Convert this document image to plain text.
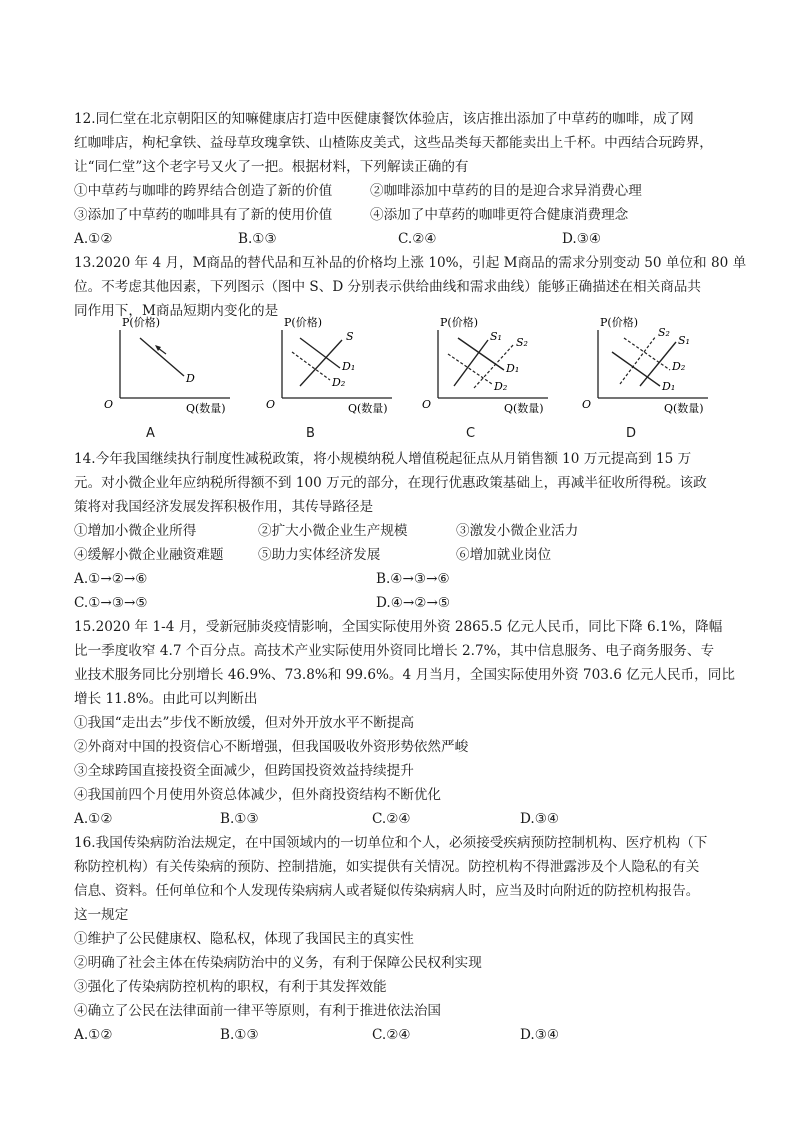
12.同仁堂在北京朝阳区的知嘛健康店打造中医健康餐饮体验店，该店推出添加了中草药的咖啡，成了网
红咖啡店，枸杞拿铁、益母草玫瑰拿铁、山楂陈皮美式，这些品类每天都能卖出上千杯。中西结合玩跨界，
让“同仁堂”这个老字号又火了一把。根据材料，下列解读正确的有
①中草药与咖啡的跨界结合创造了新的价值	②咖啡添加中草药的目的是迎合求异消费心理
③添加了中草药的咖啡具有了新的使用价值	④添加了中草药的咖啡更符合健康消费理念
A.①②	B.①③	C.②④	D.③④
13.2020 年 4 月，M商品的替代品和互补品的价格均上涨 10%，引起 M商品的需求分别变动 50 单位和 80 单
位。不考虑其他因素，下列图示（图中 S、D 分别表示供给曲线和需求曲线）能够正确描述在相关商品共
同作用下，M商品短期内变化的是
P(价格)
O	Q(数量)
D
P(价格)
O	Q(数量)
S
D₁
D₂
P(价格)
O	Q(数量)
S₁ S₂
D₁
D₂
P(价格)
O	Q(数量)
S₂
S₁
D₂
D₁
A	B	C	D
14.今年我国继续执行制度性减税政策，将小规模纳税人增值税起征点从月销售额 10 万元提高到 15 万
元。对小微企业年应纳税所得额不到 100 万元的部分，在现行优惠政策基础上，再减半征收所得税。该政
策将对我国经济发展发挥积极作用，其传导路径是
①增加小微企业所得	②扩大小微企业生产规模	③激发小微企业活力
④缓解小微企业融资难题	⑤助力实体经济发展	⑥增加就业岗位
A.①→②→⑥	B.④→③→⑥
C.①→③→⑤	D.④→②→⑤
15.2020 年 1-4 月，受新冠肺炎疫情影响，全国实际使用外资 2865.5 亿元人民币，同比下降 6.1%，降幅
比一季度收窄 4.7 个百分点。高技术产业实际使用外资同比增长 2.7%，其中信息服务、电子商务服务、专
业技术服务同比分别增长 46.9%、73.8%和 99.6%。4 月当月，全国实际使用外资 703.6 亿元人民币，同比
增长 11.8%。由此可以判断出
①我国“走出去”步伐不断放缓，但对外开放水平不断提高
②外商对中国的投资信心不断增强，但我国吸收外资形势依然严峻
③全球跨国直接投资全面减少，但跨国投资效益持续提升
④我国前四个月使用外资总体减少，但外商投资结构不断优化
A.①②	B.①③	C.②④	D.③④
16.我国传染病防治法规定，在中国领域内的一切单位和个人，必须接受疾病预防控制机构、医疗机构（下
称防控机构）有关传染病的预防、控制措施，如实提供有关情况。防控机构不得泄露涉及个人隐私的有关
信息、资料。任何单位和个人发现传染病病人或者疑似传染病病人时，应当及时向附近的防控机构报告。
这一规定
①维护了公民健康权、隐私权，体现了我国民主的真实性
②明确了社会主体在传染病防治中的义务，有利于保障公民权利实现
③强化了传染病防控机构的职权，有利于其发挥效能
④确立了公民在法律面前一律平等原则，有利于推进依法治国
A.①②	B.①③	C.②④	D.③④
